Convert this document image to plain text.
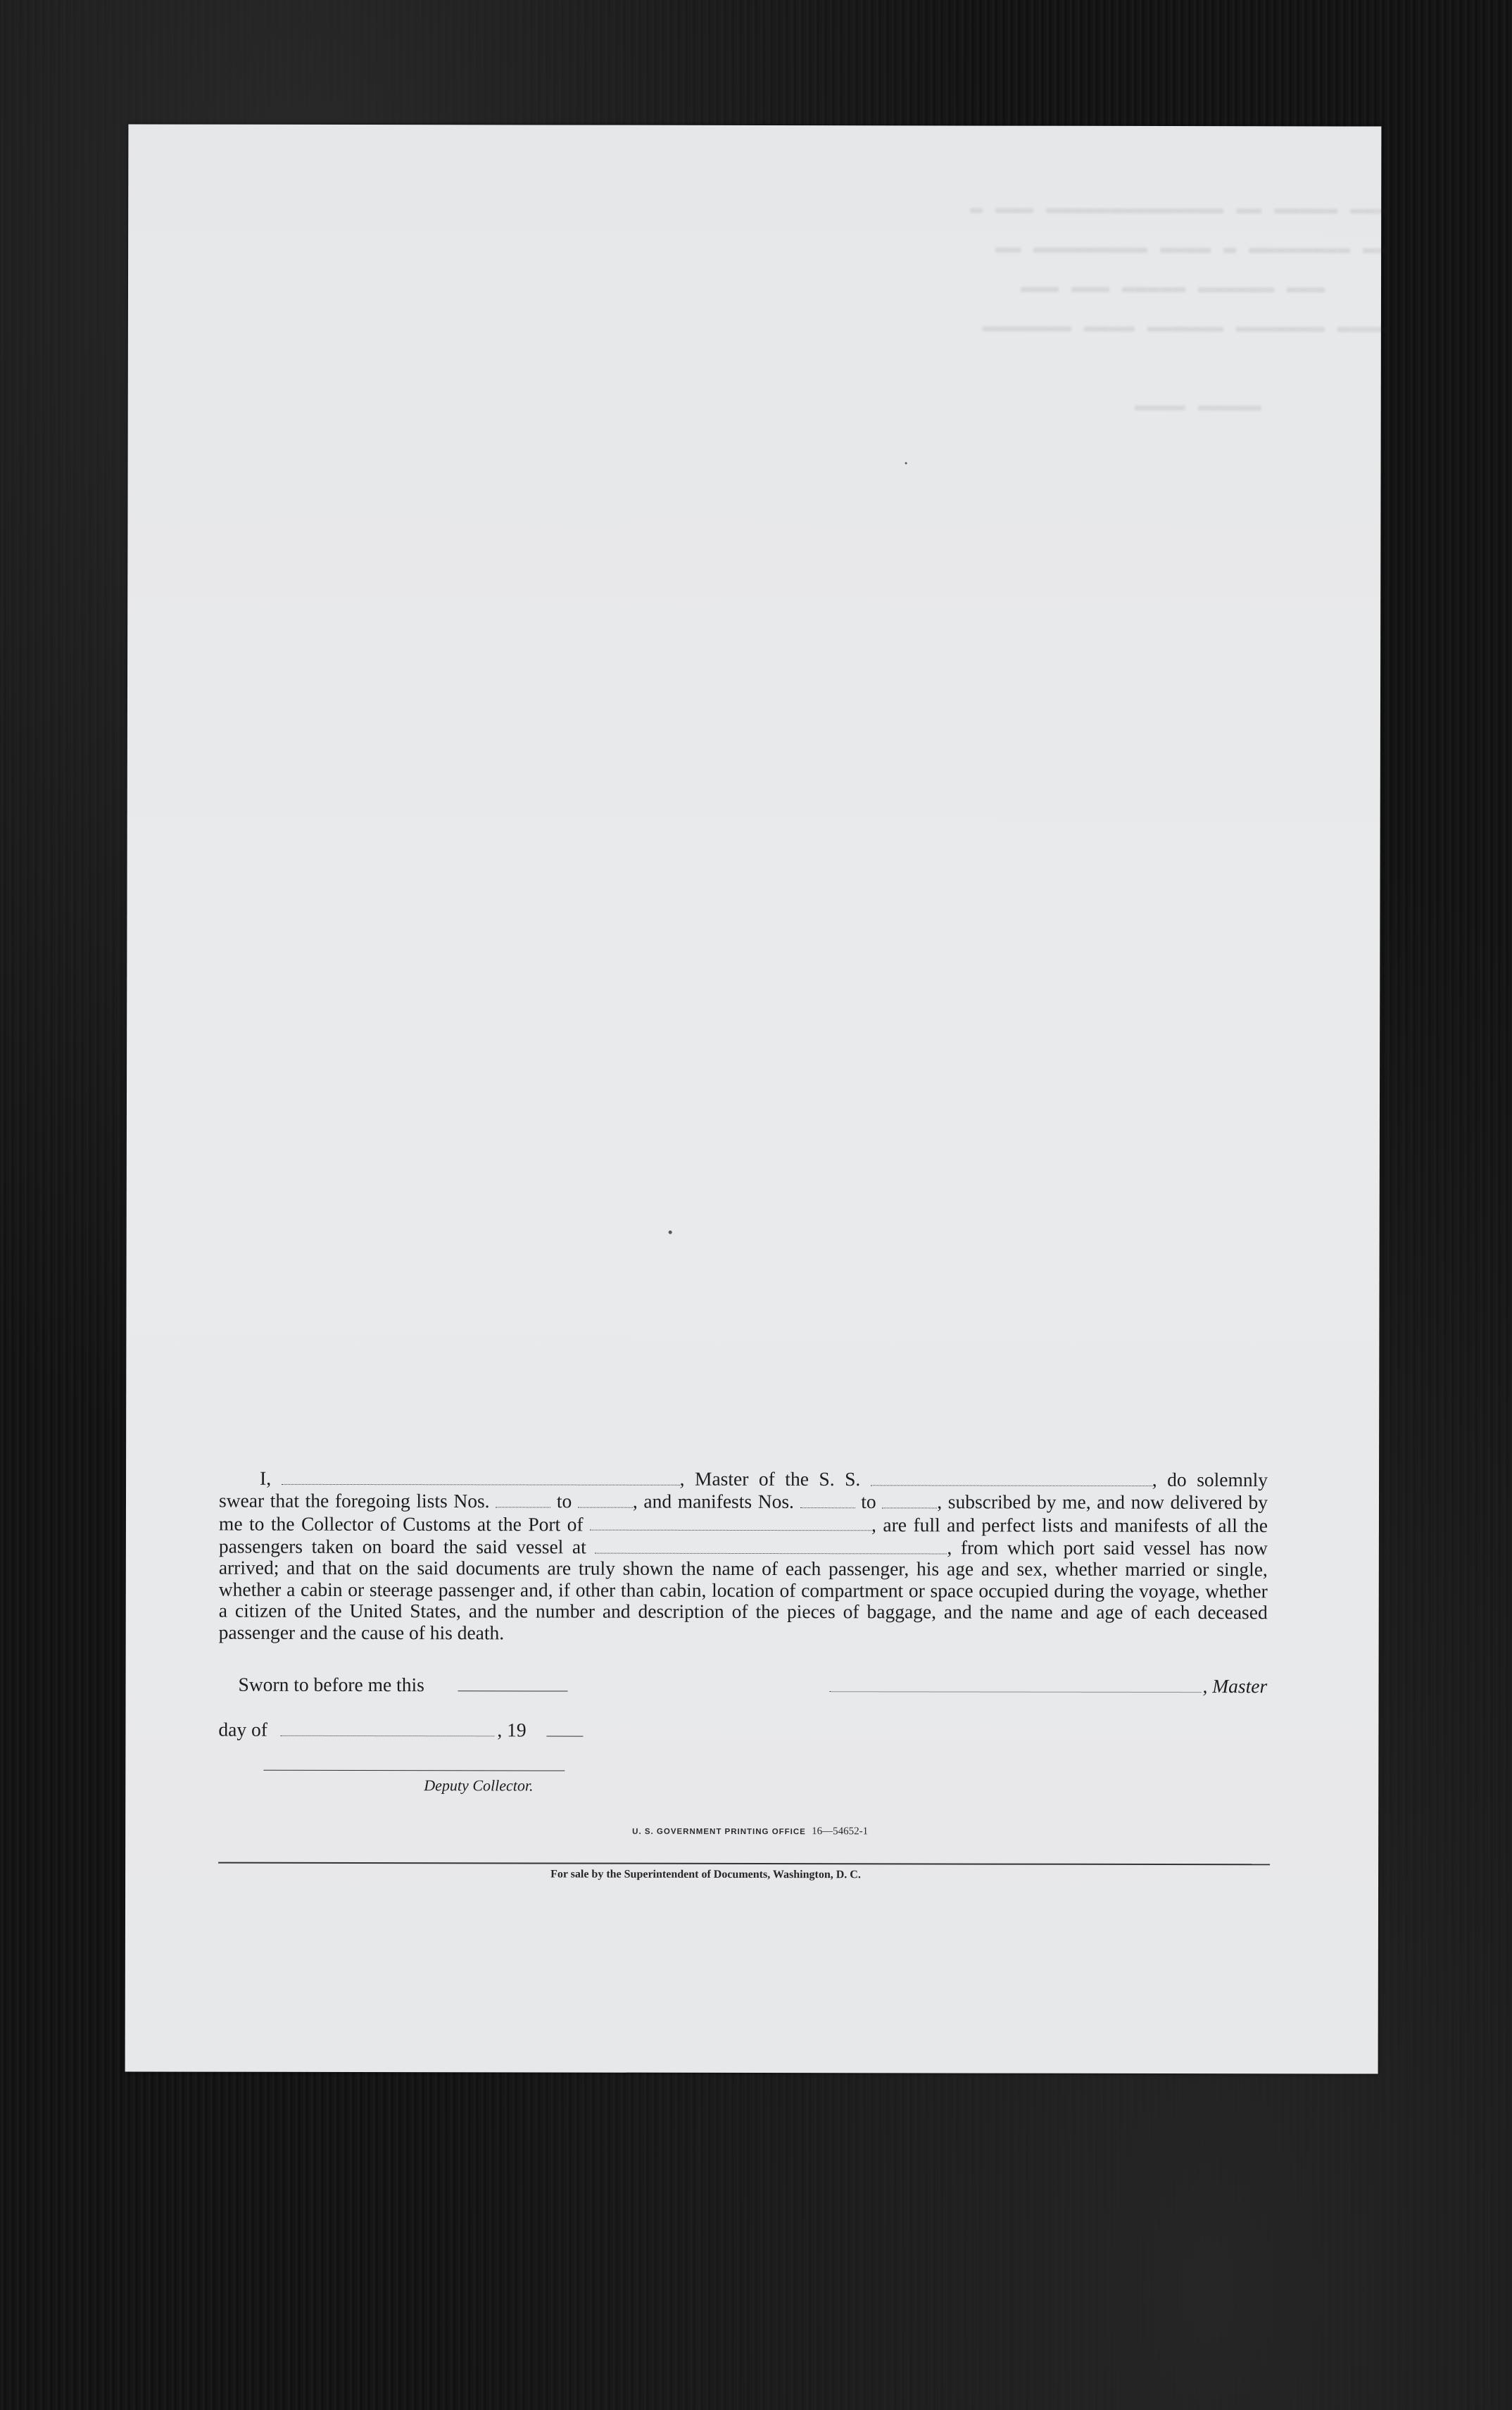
▬▬▬ ▬▬▬▬▬ ▬▬ ▬▬▬▬▬▬▬▬▬▬▬▬▬▬ ▬▬▬ ▬
▬▬ ▬▬▬▬▬▬▬▬ ▬ ▬▬▬▬ ▬▬▬▬▬▬▬▬▬ ▬▬
▬▬▬ ▬▬▬▬▬▬ ▬▬▬▬▬ ▬▬▬ ▬▬▬
▬▬▬▬ ▬▬▬▬▬▬▬ ▬▬▬▬▬▬ ▬▬▬▬ ▬▬▬▬▬▬▬

▬▬▬▬▬ ▬▬▬▬
I,	, Master of the S. S.	, do solemnly swear that the foregoing lists Nos.	to	, and manifests Nos.	to	, subscribed by me, and now delivered by me to the Collector of Customs at the Port of	, are full and perfect lists and manifests of all the passengers taken on board the said vessel at	, from which port said vessel has now arrived; and that on the said documents are truly shown the name of each passenger, his age and sex, whether married or single, whether a cabin or steerage passenger and, if other than cabin, location of compartment or space occupied during the voyage, whether a citizen of the United States, and the number and description of the pieces of baggage, and the name and age of each deceased passenger and the cause of his death.
Sworn to before me this	, Master
day of	, 19
Deputy Collector.
U. S. GOVERNMENT PRINTING OFFICE 16—54652-1
For sale by the Superintendent of Documents, Washington, D. C.
